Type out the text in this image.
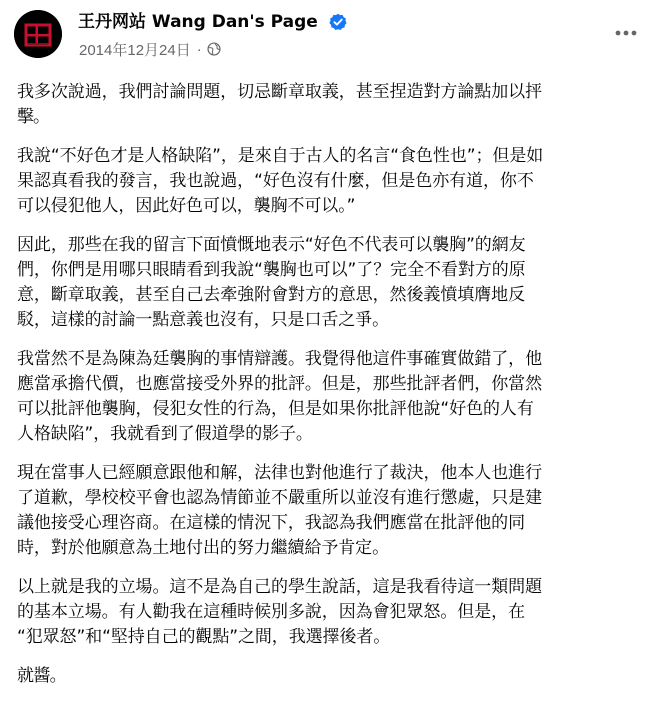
王丹网站 Wang Dan's Page
2014年12月24日 ·
我多次說過，我們討論問題，切忌斷章取義，甚至捏造對方論點加以抨
擊。
我說“不好色才是人格缺陷”，是來自于古人的名言“食色性也”；但是如
果認真看我的發言，我也說過，“好色沒有什麼，但是色亦有道，你不
可以侵犯他人，因此好色可以，襲胸不可以。”
因此，那些在我的留言下面憤慨地表示“好色不代表可以襲胸”的網友
們，你們是用哪只眼睛看到我說“襲胸也可以”了？完全不看對方的原
意，斷章取義，甚至自己去牽強附會對方的意思，然後義憤填膺地反
駁，這樣的討論一點意義也沒有，只是口舌之爭。
我當然不是為陳為廷襲胸的事情辯護。我覺得他這件事確實做錯了，他
應當承擔代價，也應當接受外界的批評。但是，那些批評者們，你當然
可以批評他襲胸，侵犯女性的行為，但是如果你批評他說“好色的人有
人格缺陷”，我就看到了假道學的影子。
現在當事人已經願意跟他和解，法律也對他進行了裁決，他本人也進行
了道歉，學校校平會也認為情節並不嚴重所以並沒有進行懲處，只是建
議他接受心理咨商。在這樣的情況下，我認為我們應當在批評他的同
時，對於他願意為土地付出的努力繼續給予肯定。
以上就是我的立場。這不是為自己的學生說話，這是我看待這一類問題
的基本立場。有人勸我在這種時候別多說，因為會犯眾怒。但是，在
“犯眾怒”和“堅持自己的觀點”之間，我選擇後者。
就醬。
